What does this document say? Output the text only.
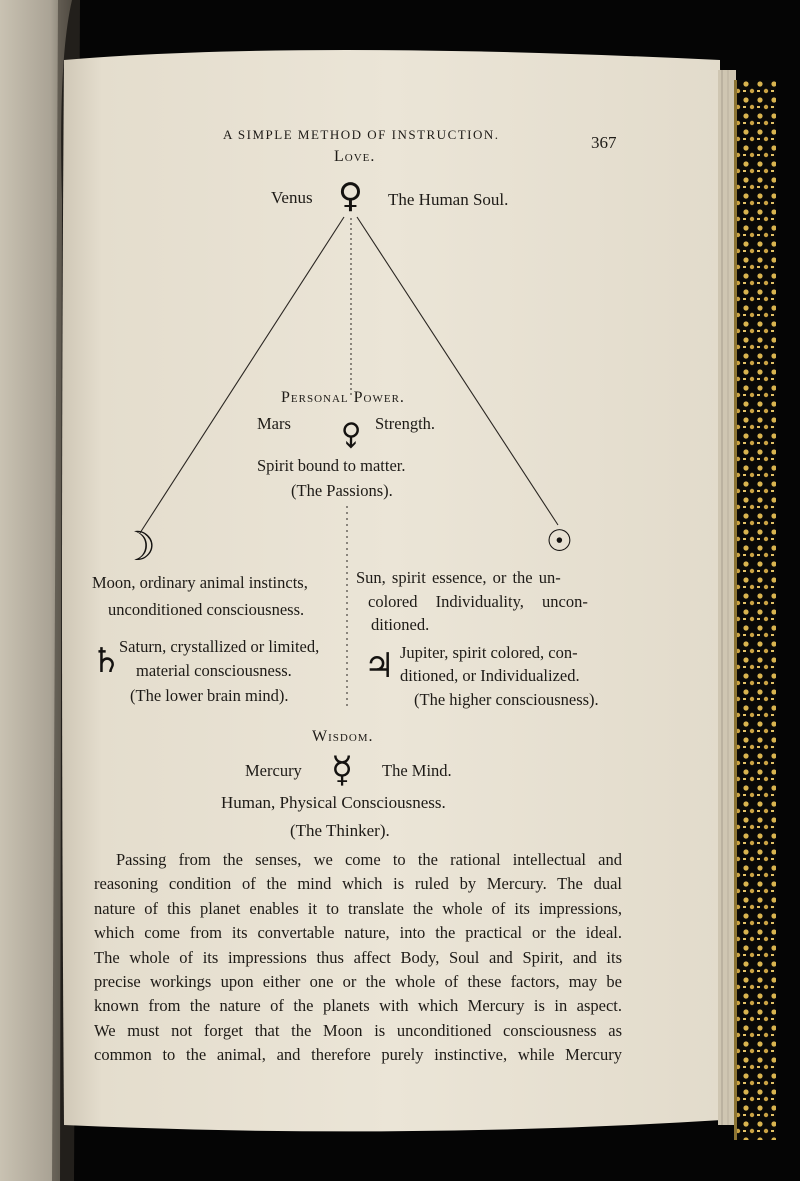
A SIMPLE METHOD OF INSTRUCTION.	367
Love.
Venus ♀ The Human Soul.
Personal Power.
Mars ♂ Strength.
Spirit bound to matter.
(The Passions).
☽
Moon, ordinary animal instincts,
unconditioned consciousness.
☉
Sun, spirit essence, or the un-
colored Individuality, uncon-
ditioned.
♄
Saturn, crystallized or limited,
material consciousness.
(The lower brain mind).
♃ Jupiter, spirit colored, con-
ditioned, or Individualized.
(The higher consciousness).
Wisdom.
Mercury ☿ The Mind.
Human, Physical Consciousness.
(The Thinker).
Passing from the senses, we come to the rational intellectual and
reasoning condition of the mind which is ruled by Mercury. The dual
nature of this planet enables it to translate the whole of its impressions,
which come from its convertable nature, into the practical or the ideal.
The whole of its impressions thus affect Body, Soul and Spirit, and its
precise workings upon either one or the whole of these factors, may be
known from the nature of the planets with which Mercury is in aspect.
We must not forget that the Moon is unconditioned consciousness as
common to the animal, and therefore purely instinctive, while Mercury
